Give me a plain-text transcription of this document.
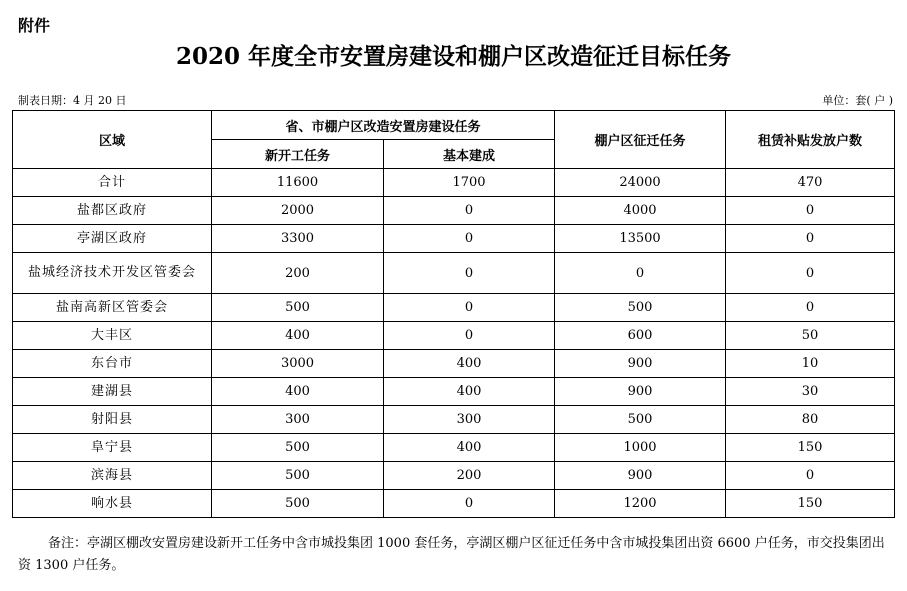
附件
2020 年度全市安置房建设和棚户区改造征迁目标任务
制表日期：4 月 20 日	单位：套( 户 )
区域	省、市棚户区改造安置房建设任务		棚户区征迁任务	租赁补贴发放户数
	新开工任务	基本建成		
合计	11600	1700	24000	470
盐都区政府	2000	0	4000	0
亭湖区政府	3300	0	13500	0
盐城经济技术开发区管委会	200	0	0	0
盐南高新区管委会	500	0	500	0
大丰区	400	0	600	50
东台市	3000	400	900	10
建湖县	400	400	900	30
射阳县	300	300	500	80
阜宁县	500	400	1000	150
滨海县	500	200	900	0
响水县	500	0	1200	150
备注：亭湖区棚改安置房建设新开工任务中含市城投集团 1000 套任务，亭湖区棚户区征迁任务中含市城投集团出资 6600 户任务，市交投集团出资 1300 户任务。
